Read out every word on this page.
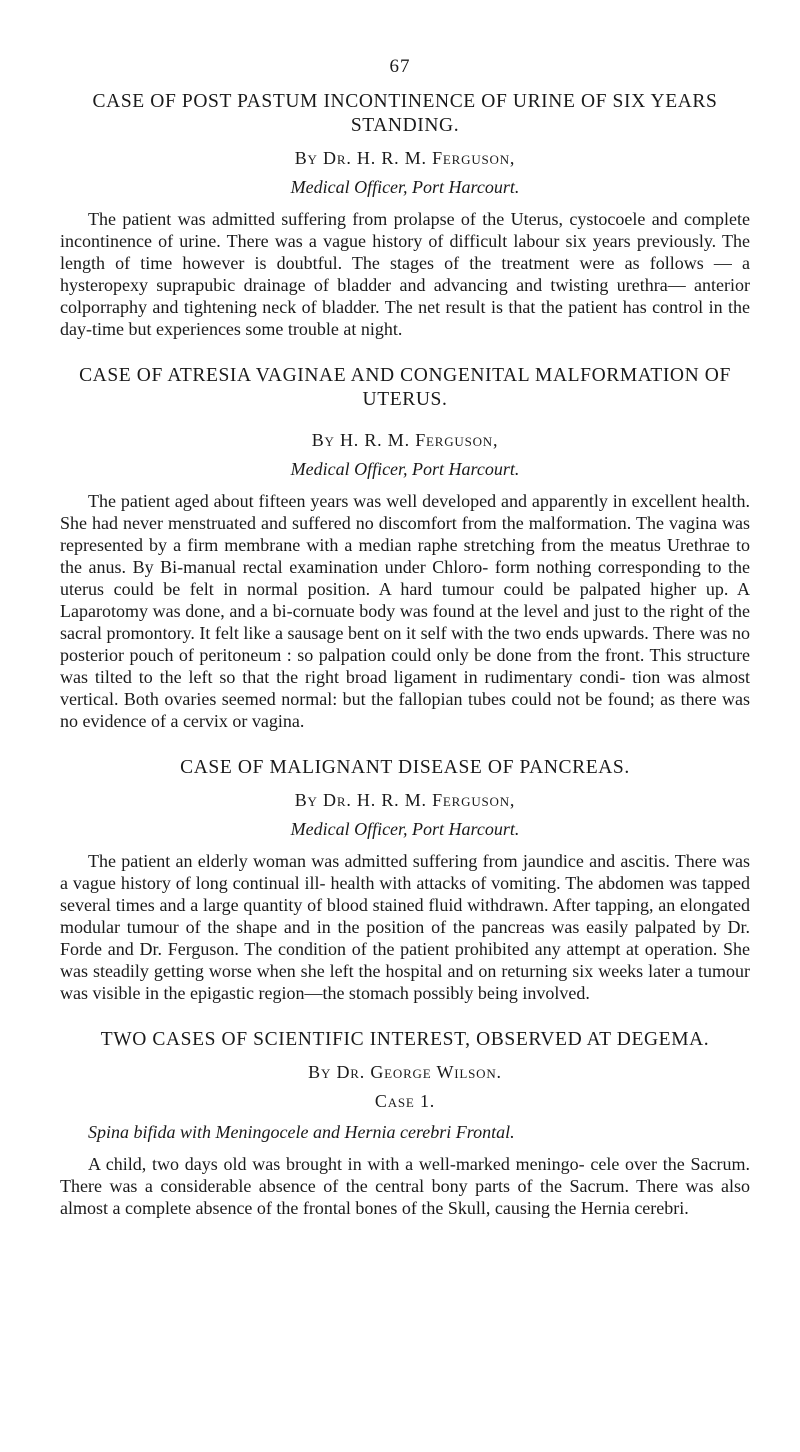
67
CASE OF POST PASTUM INCONTINENCE OF URINE OF SIX YEARS STANDING.
By Dr. H. R. M. Ferguson,
Medical Officer, Port Harcourt.

The patient was admitted suffering from prolapse of the Uterus, cystocoele and complete incontinence of urine. There was a vague history of difficult labour six years previously. The length of time however is doubtful. The stages of the treatment were as follows — a hysteropexy suprapubic drainage of bladder and advancing and twisting urethra— anterior colporraphy and tightening neck of bladder. The net result is that the patient has control in the day-time but experiences some trouble at night.

CASE OF ATRESIA VAGINAE AND CONGENITAL MALFORMATION OF UTERUS.
By H. R. M. Ferguson,
Medical Officer, Port Harcourt.

The patient aged about fifteen years was well developed and apparently in excellent health. She had never menstruated and suffered no discomfort from the malformation. The vagina was represented by a firm membrane with a median raphe stretching from the meatus Urethrae to the anus. By Bi-manual rectal examination under Chloro- form nothing corresponding to the uterus could be felt in normal position. A hard tumour could be palpated higher up. A Laparotomy was done, and a bi-cornuate body was found at the level and just to the right of the sacral promontory. It felt like a sausage bent on it self with the two ends upwards. There was no posterior pouch of peritoneum : so palpation could only be done from the front. This structure was tilted to the left so that the right broad ligament in rudimentary condi- tion was almost vertical. Both ovaries seemed normal: but the fallopian tubes could not be found; as there was no evidence of a cervix or vagina.

CASE OF MALIGNANT DISEASE OF PANCREAS.
By Dr. H. R. M. Ferguson,
Medical Officer, Port Harcourt.

The patient an elderly woman was admitted suffering from jaundice and ascitis. There was a vague history of long continual ill- health with attacks of vomiting. The abdomen was tapped several times and a large quantity of blood stained fluid withdrawn. After tapping, an elongated modular tumour of the shape and in the position of the pancreas was easily palpated by Dr. Forde and Dr. Ferguson. The condition of the patient prohibited any attempt at operation. She was steadily getting worse when she left the hospital and on returning six weeks later a tumour was visible in the epigastic region—the stomach possibly being involved.

TWO CASES OF SCIENTIFIC INTEREST, OBSERVED AT DEGEMA.
By Dr. George Wilson.
Case 1.
Spina bifida with Meningocele and Hernia cerebri Frontal.

A child, two days old was brought in with a well-marked meningo- cele over the Sacrum. There was a considerable absence of the central bony parts of the Sacrum. There was also almost a complete absence of the frontal bones of the Skull, causing the Hernia cerebri.
